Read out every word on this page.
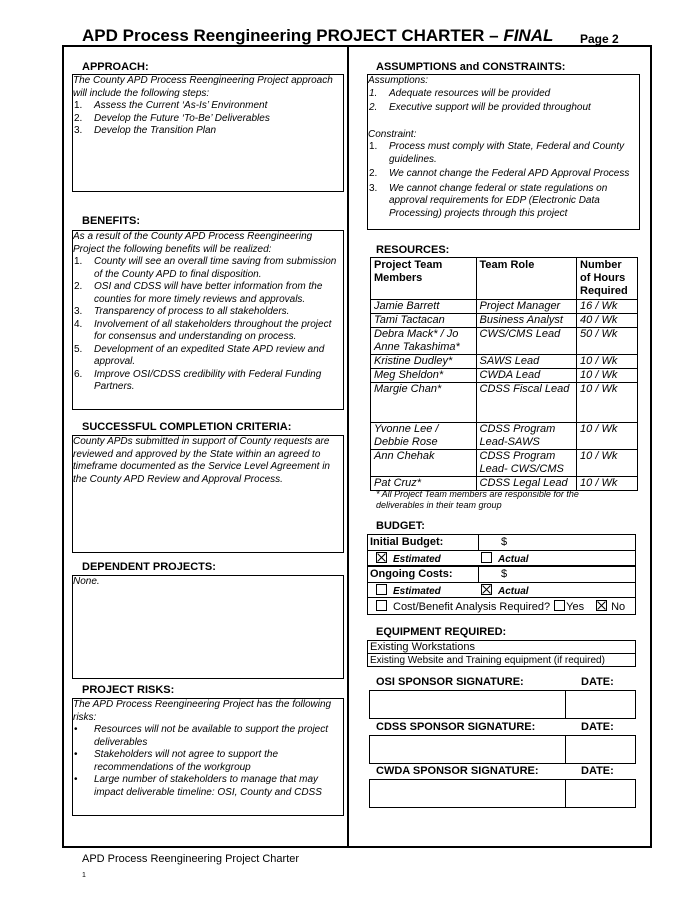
APD Process Reengineering PROJECT CHARTER – FINAL Page 2
APPROACH:

The County APD Process Reengineering Project approach will include the following steps:

1. Assess the Current ‘As-Is’ Environment
2. Develop the Future ‘To-Be’ Deliverables
3. Develop the Transition Plan
BENEFITS:

As a result of the County APD Process Reengineering Project the following benefits will be realized:

1. County will see an overall time saving from submission of the County APD to final disposition.
2. OSI and CDSS will have better information from the counties for more timely reviews and approvals.
3. Transparency of process to all stakeholders.
4. Involvement of all stakeholders throughout the project for consensus and understanding on process.
5. Development of an expedited State APD review and approval.
6. Improve OSI/CDSS credibility with Federal Funding Partners.
SUCCESSFUL COMPLETION CRITERIA:

County APDs submitted in support of County requests are reviewed and approved by the State within an agreed to timeframe documented as the Service Level Agreement in the County APD Review and Approval Process.

DEPENDENT PROJECTS:

None.

PROJECT RISKS:

The APD Process Reengineering Project has the following risks:

• Resources will not be available to support the project deliverables
• Stakeholders will not agree to support the recommendations of the workgroup
• Large number of stakeholders to manage that may impact deliverable timeline: OSI, County and CDSS
ASSUMPTIONS and CONSTRAINTS:

Assumptions:

1. Adequate resources will be provided
2. Executive support will be provided throughout

Constraint:

1. Process must comply with State, Federal and County guidelines.
2. We cannot change the Federal APD Approval Process
3. We cannot change federal or state regulations on approval requirements for EDP (Electronic Data Processing) projects through this project
RESOURCES:
Project Team Members	Team Role	Number of Hours Required
Jamie Barrett	Project Manager	16 / Wk
Tami Tactacan	Business Analyst	40 / Wk
Debra Mack* / Jo Anne Takashima*	CWS/CMS Lead	50 / Wk
Kristine Dudley*	SAWS Lead	10 / Wk
Meg Sheldon*	CWDA Lead	10 / Wk
Margie Chan*	CDSS Fiscal Lead	10 / Wk
Yvonne Lee / Debbie Rose	CDSS Program Lead-SAWS	10 / Wk
Ann Chehak	CDSS Program Lead- CWS/CMS	10 / Wk
Pat Cruz*	CDSS Legal Lead	10 / Wk
* All Project Team members are responsible for the deliverables in their team group
BUDGET:
Initial Budget:	$
Estimated	Actual
Ongoing Costs:	$
Estimated	Actual
Cost/Benefit Analysis Required? Yes No
EQUIPMENT REQUIRED:
Existing Workstations
Existing Website and Training equipment (if required)
OSI SPONSOR SIGNATURE:	DATE:
CDSS SPONSOR SIGNATURE:	DATE:
CWDA SPONSOR SIGNATURE:	DATE:
APD Process Reengineering Project Charter
1
